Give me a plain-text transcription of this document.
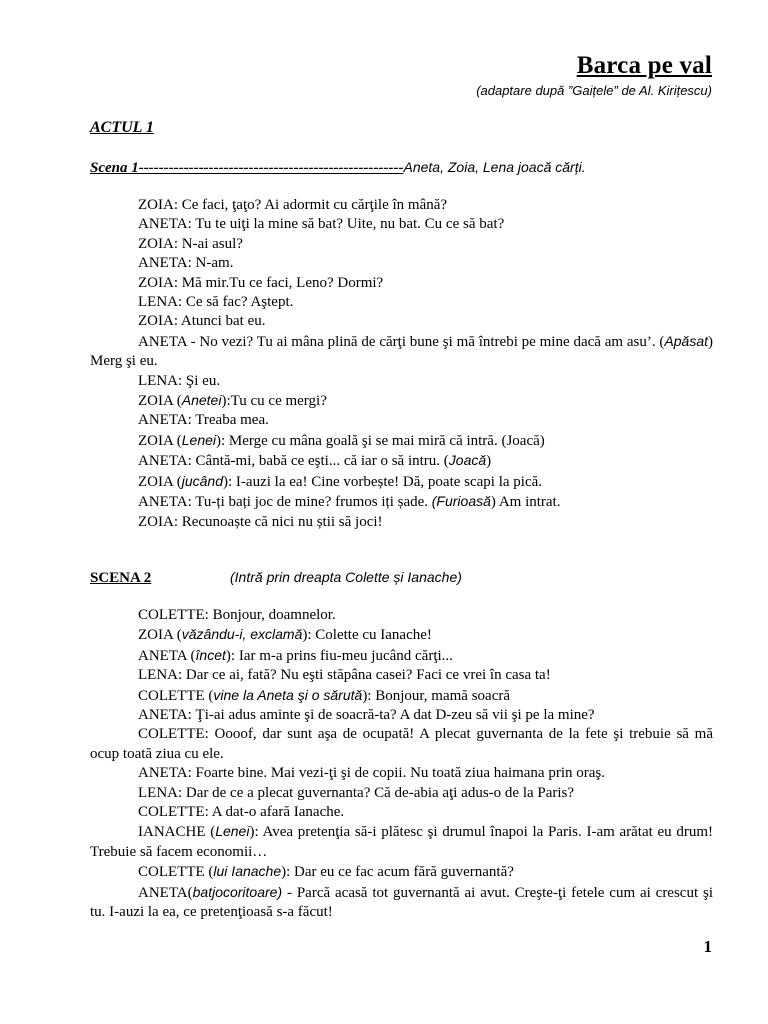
Barca pe val
(adaptare după ”Gaițele” de Al. Kirițescu)
ACTUL 1
Scena 1-----------------------------------------------------Aneta, Zoia, Lena joacă cărți.

ZOIA: Ce faci, ţaţo? Ai adormit cu cărţile în mână?

ANETA: Tu te uiţi la mine să bat? Uite, nu bat. Cu ce să bat?

ZOIA: N-ai asul?

ANETA: N-am.

ZOIA: Mă mir.Tu ce faci, Leno? Dormi?

LENA: Ce să fac? Aştept.

ZOIA: Atunci bat eu.

ANETA - No vezi? Tu ai mâna plină de cărţi bune şi mă întrebi pe mine dacă am asu’. (Apăsat) Merg şi eu.

LENA: Şi eu.

ZOIA (Anetei):Tu cu ce mergi?

ANETA: Treaba mea.

ZOIA (Lenei): Merge cu mâna goală şi se mai miră că intră. (Joacă)

ANETA: Cântă-mi, babă ce eşti... că iar o să intru. (Joacă)

ZOIA (jucând): I-auzi la ea! Cine vorbește! Dă, poate scapi la pică.

ANETA: Tu-ți bați joc de mine? frumos iți șade. (Furioasă) Am intrat.

ZOIA: Recunoaște că nici nu știi să joci!

SCENA 2	(Intră prin dreapta Colette și Ianache)

COLETTE: Bonjour, doamnelor.

ZOIA (văzându-i, exclamă): Colette cu Ianache!

ANETA (încet): Iar m-a prins fiu-meu jucând cărţi...

LENA: Dar ce ai, fată? Nu eşti stăpâna casei? Faci ce vrei în casa ta!

COLETTE (vine la Aneta şi o sărută): Bonjour, mamă soacră

ANETA: Ţi-ai adus aminte şi de soacră-ta? A dat D-zeu să vii şi pe la mine?

COLETTE: Oooof, dar sunt aşa de ocupată! A plecat guvernanta de la fete şi trebuie să mă ocup toată ziua cu ele.

ANETA: Foarte bine. Mai vezi-ţi şi de copii. Nu toată ziua haimana prin oraş.

LENA: Dar de ce a plecat guvernanta? Că de-abia aţi adus-o de la Paris?

COLETTE: A dat-o afară Ianache.

IANACHE (Lenei): Avea pretenţia să-i plătesc şi drumul înapoi la Paris. I-am arătat eu drum! Trebuie să facem economii…

COLETTE (lui Ianache): Dar eu ce fac acum fără guvernantă?

ANETA(batjocoritoare) - Parcă acasă tot guvernantă ai avut. Creşte-ţi fetele cum ai crescut şi tu. I-auzi la ea, ce pretenţioasă s-a făcut!

1
